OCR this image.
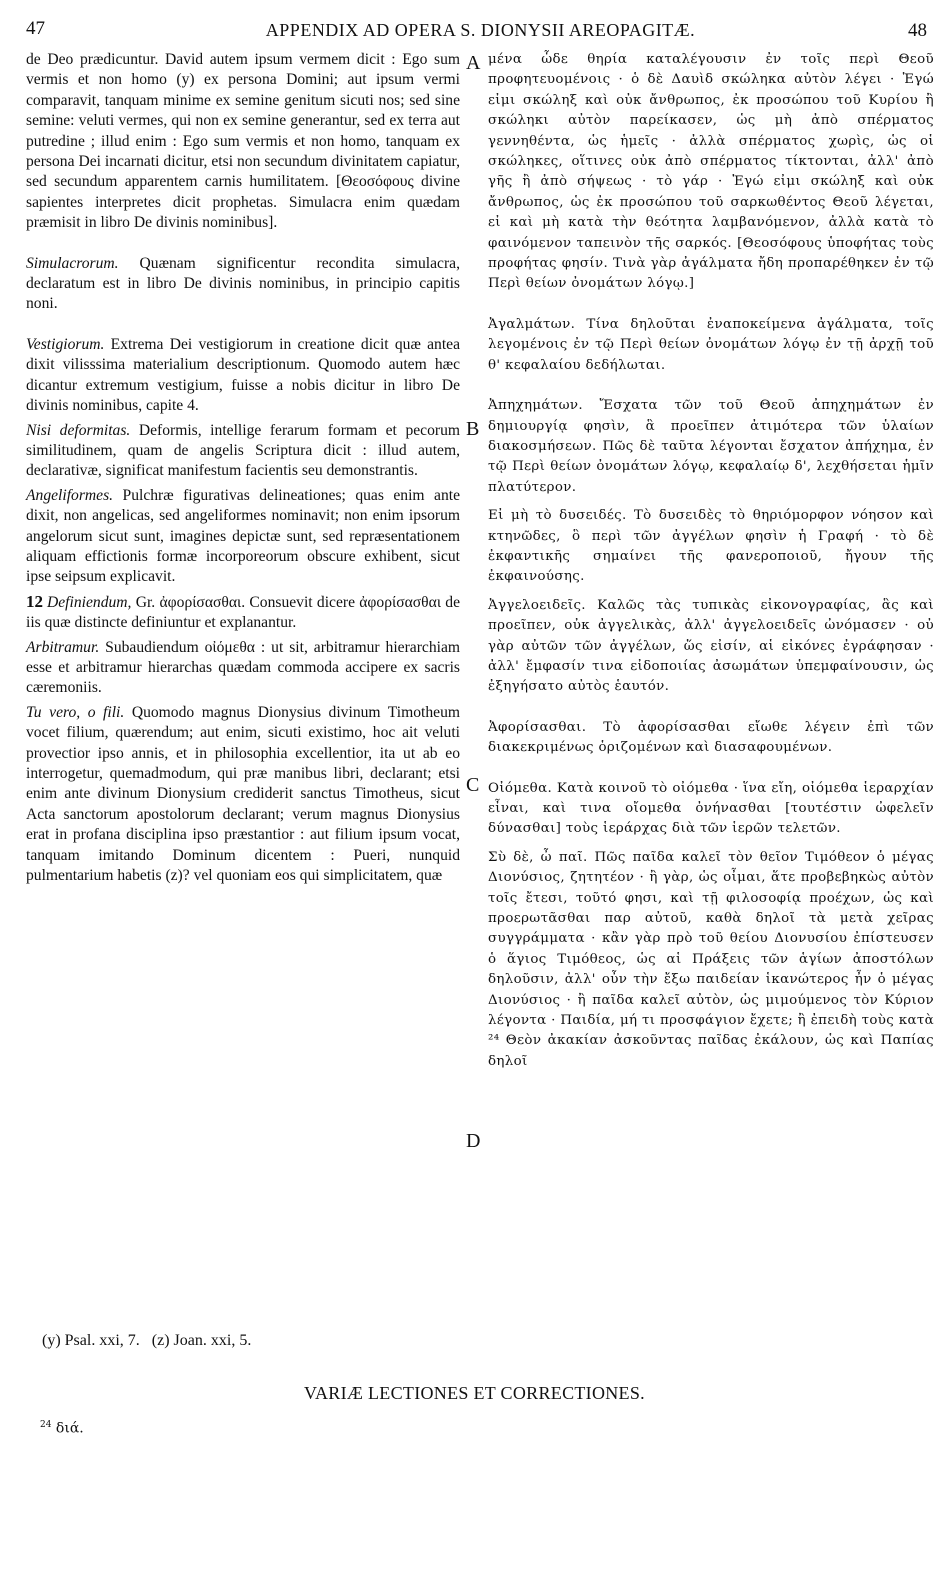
47	APPENDIX AD OPERA S. DIONYSII AREOPAGITÆ.	48

de Deo prædicuntur. David autem ipsum vermem dicit : Ego sum vermis et non homo (y) ex persona Domini; aut ipsum vermi comparavit, tanquam minime ex semine genitum sicuti nos; sed sine semine: veluti vermes, qui non ex semine generantur, sed ex terra aut putredine ; illud enim : Ego sum vermis et non homo, tanquam ex persona Dei incarnati dicitur, etsi non secundum divinitatem capiatur, sed secundum apparentem carnis humilitatem. [Θεοσόφους divine sapientes interpretes dicit prophetas. Simulacra enim quædam præmisit in libro De divinis nominibus].

Simulacrorum. Quænam significentur recondita simulacra, declaratum est in libro De divinis nominibus, in principio capitis noni.

Vestigiorum. Extrema Dei vestigiorum in creatione dicit quæ antea dixit vilisssima materialium descriptionum. Quomodo autem hæc dicantur extremum vestigium, fuisse a nobis dicitur in libro De divinis nominibus, capite 4.

Nisi deformitas. Deformis, intellige ferarum formam et pecorum similitudinem, quam de angelis Scriptura dicit : illud autem, declarativæ, significat manifestum facientis seu demonstrantis.

Angeliformes. Pulchræ figurativas delineationes; quas enim ante dixit, non angelicas, sed angeliformes nominavit; non enim ipsorum angelorum sicut sunt, imagines depictæ sunt, sed repræsentationem aliquam effictionis formæ incorporeorum obscure exhibent, sicut ipse seipsum explicavit.

12 Definiendum, Gr. ἀφορίσασθαι. Consuevit dicere ἀφορίσασθαι de iis quæ distincte definiuntur et explanantur.

Arbitramur. Subaudiendum οἰόμεθα : ut sit, arbitramur hierarchiam esse et arbitramur hierarchas quædam commoda accipere ex sacris cæremoniis.

Tu vero, o fili. Quomodo magnus Dionysius divinum Timotheum vocet filium, quærendum; aut enim, sicuti existimo, hoc ait veluti provectior ipso annis, et in philosophia excellentior, ita ut ab eo interrogetur, quemadmodum, qui præ manibus libri, declarant; etsi enim ante divinum Dionysium crediderit sanctus Timotheus, sicut Acta sanctorum apostolorum declarant; verum magnus Dionysius erat in profana disciplina ipso præstantior : aut filium ipsum vocat, tanquam imitando Dominum dicentem : Pueri, nunquid pulmentarium habetis (z)? vel quoniam eos qui simplicitatem, quæ

μένα ὧδε θηρία καταλέγουσιν ἐν τοῖς περὶ Θεοῦ προφητευομένοις · ὁ δὲ Δαυὶδ σκώληκα αὐτὸν λέγει · Ἐγώ εἰμι σκώληξ καὶ οὐκ ἄνθρωπος, ἐκ προσώπου τοῦ Κυρίου ἢ σκώληκι αὐτὸν παρείκασεν, ὡς μὴ ἀπὸ σπέρματος γεννηθέντα, ὡς ἡμεῖς · ἀλλὰ σπέρματος χωρὶς, ὡς οἱ σκώληκες, οἵτινες οὐκ ἀπὸ σπέρματος τίκτονται, ἀλλ' ἀπὸ γῆς ἢ ἀπὸ σήψεως · τὸ γάρ · Ἐγώ εἰμι σκώληξ καὶ οὐκ ἄνθρωπος, ὡς ἐκ προσώπου τοῦ σαρκωθέντος Θεοῦ λέγεται, εἰ καὶ μὴ κατὰ τὴν θεότητα λαμβανόμενον, ἀλλὰ κατὰ τὸ φαινόμενον ταπεινὸν τῆς σαρκός. [Θεοσόφους ὑποφήτας τοὺς προφήτας φησίν. Τινὰ γὰρ ἀγάλματα ἤδη προπαρέθηκεν ἐν τῷ Περὶ θείων ὀνομάτων λόγῳ.]

Ἀγαλμάτων. Τίνα δηλοῦται ἐναποκείμενα ἀγάλματα, τοῖς λεγομένοις ἐν τῷ Περὶ θείων ὀνομάτων λόγῳ ἐν τῇ ἀρχῇ τοῦ θ' κεφαλαίου δεδήλωται.

Ἀπηχημάτων. Ἔσχατα τῶν τοῦ Θεοῦ ἀπηχημάτων ἐν δημιουργίᾳ φησὶν, ἃ προεῖπεν ἀτιμότερα τῶν ὑλαίων διακοσμήσεων. Πῶς δὲ ταῦτα λέγονται ἔσχατον ἀπήχημα, ἐν τῷ Περὶ θείων ὀνομάτων λόγῳ, κεφαλαίῳ δ', λεχθήσεται ἡμῖν πλατύτερον.

Εἰ μὴ τὸ δυσειδές. Τὸ δυσειδὲς τὸ θηριόμορφον νόησον καὶ κτηνῶδες, ὃ περὶ τῶν ἀγγέλων φησὶν ἡ Γραφή · τὸ δὲ ἐκφαντικῆς σημαίνει τῆς φανεροποιοῦ, ἤγουν τῆς ἐκφαινούσης.

Ἀγγελοειδεῖς. Καλῶς τὰς τυπικὰς εἰκονογραφίας, ἃς καὶ προεῖπεν, οὐκ ἀγγελικὰς, ἀλλ' ἀγγελοειδεῖς ὠνόμασεν · οὐ γὰρ αὐτῶν τῶν ἀγγέλων, ὥς εἰσίν, αἱ εἰκόνες ἐγράφησαν · ἀλλ' ἔμφασίν τινα εἰδοποιίας ἀσωμάτων ὑπεμφαίνουσιν, ὡς ἐξηγήσατο αὐτὸς ἑαυτόν.

Ἀφορίσασθαι. Τὸ ἀφορίσασθαι εἴωθε λέγειν ἐπὶ τῶν διακεκριμένως ὁριζομένων καὶ διασαφουμένων.

Οἰόμεθα. Κατὰ κοινοῦ τὸ οἰόμεθα · ἵνα εἴη, οἰόμεθα ἱεραρχίαν εἶναι, καὶ τινα οἴομεθα ὀνήνασθαι [τουτέστιν ὠφελεῖν δύνασθαι] τοὺς ἱεράρχας διὰ τῶν ἱερῶν τελετῶν.

Σὺ δὲ, ὦ παῖ. Πῶς παῖδα καλεῖ τὸν θεῖον Τιμόθεον ὁ μέγας Διονύσιος, ζητητέον · ἢ γὰρ, ὡς οἶμαι, ἅτε προβεβηκὼς αὐτὸν τοῖς ἔτεσι, τοῦτό φησι, καὶ τῇ φιλοσοφίᾳ προέχων, ὡς καὶ προερωτᾶσθαι παρ αὐτοῦ, καθὰ δηλοῖ τὰ μετὰ χεῖρας συγγράμματα · κἂν γὰρ πρὸ τοῦ θείου Διονυσίου ἐπίστευσεν ὁ ἅγιος Τιμόθεος, ὡς αἱ Πράξεις τῶν ἁγίων ἀποστόλων δηλοῦσιν, ἀλλ' οὖν τὴν ἔξω παιδείαν ἱκανώτερος ἦν ὁ μέγας Διονύσιος · ἢ παῖδα καλεῖ αὐτὸν, ὡς μιμούμενος τὸν Κύριον λέγοντα · Παιδία, μή τι προσφάγιον ἔχετε; ἢ ἐπειδὴ τοὺς κατὰ ²⁴ Θεὸν ἀκακίαν ἀσκοῦντας παῖδας ἐκάλουν, ὡς καὶ Παπίας δηλοῖ

A
B
C
D
(y) Psal. xxi, 7. (z) Joan. xxi, 5.
VARIÆ LECTIONES ET CORRECTIONES.
$^{24}$ διά.
